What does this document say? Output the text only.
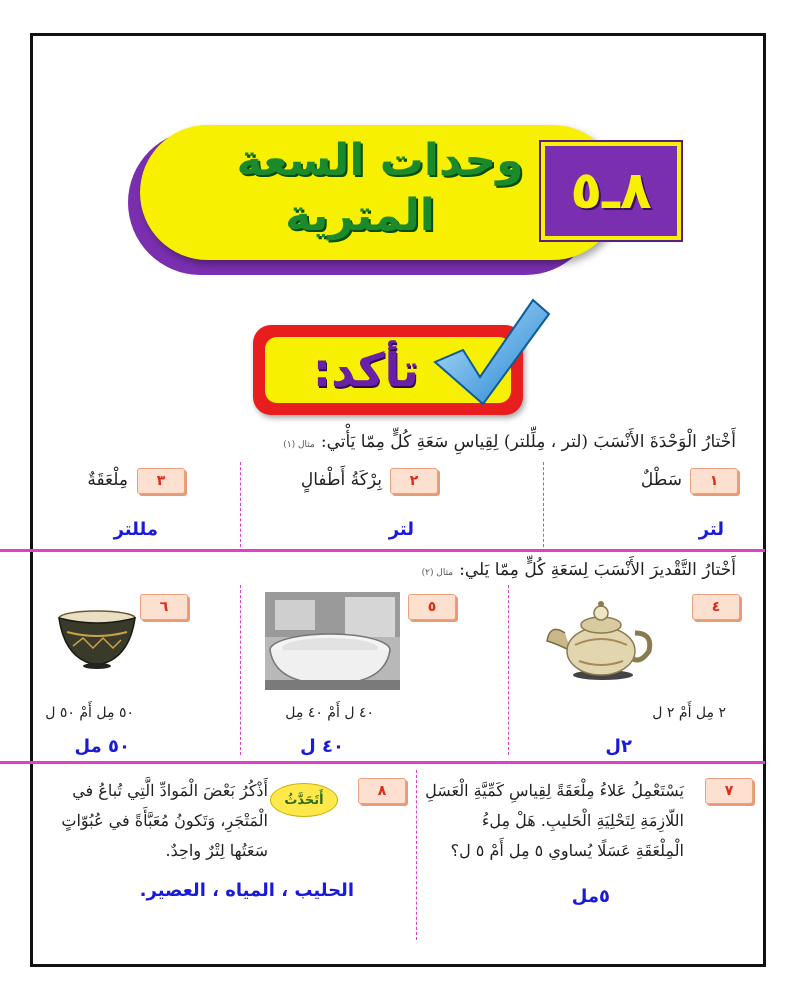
وحدات السعة
المترية	٨ـ٥
تأكد:
أَخْتارُ الْوَحْدَةَ الأَنْسَبَ (لتر ، مِلِّلتر) لِقِياسِ سَعَةِ كُلٍّ مِمّا يَأْتي:مثال (١)
١
سَطْلٌ
لتر
٢
بِرْكَةُ أَطْفالٍ
لتر
٣
مِلْعَقَةٌ
مللتر
أَخْتارُ التَّقْديرَ الأَنْسَبَ لِسَعَةِ كُلٍّ مِمّا يَلي:مثال (٢)
٤
٢ مِل أَمْ ٢ ل
٢ل
٥
٤٠ ل أَمْ ٤٠ مِل
٤٠ ل
٦
٥٠ مِل أَمْ ٥٠ ل
٥٠ مل
٧
يَسْتَعْمِلُ عَلاءُ مِلْعَقَةً لِقِياسِ كَمِّيَّةِ الْعَسَلِ
اللّازِمَةِ لِتَحْلِيَةِ الْحَليبِ. هَلْ مِلءُ
الْمِلْعَقَةِ عَسَلًا يُساوي ٥ مِل أَمْ ٥ ل؟
٥مل
٨
أَتَحَدَّثُ
أَذْكُرُ بَعْضَ الْمَوادِّ الَّتِي تُباعُ في
الْمَتْجَرِ، وَتَكونُ مُعَبَّأَةً في عُبُوّاتٍ
سَعَتُها لِتْرٌ واحِدٌ.
الحليب ، المياه ، العصير.
